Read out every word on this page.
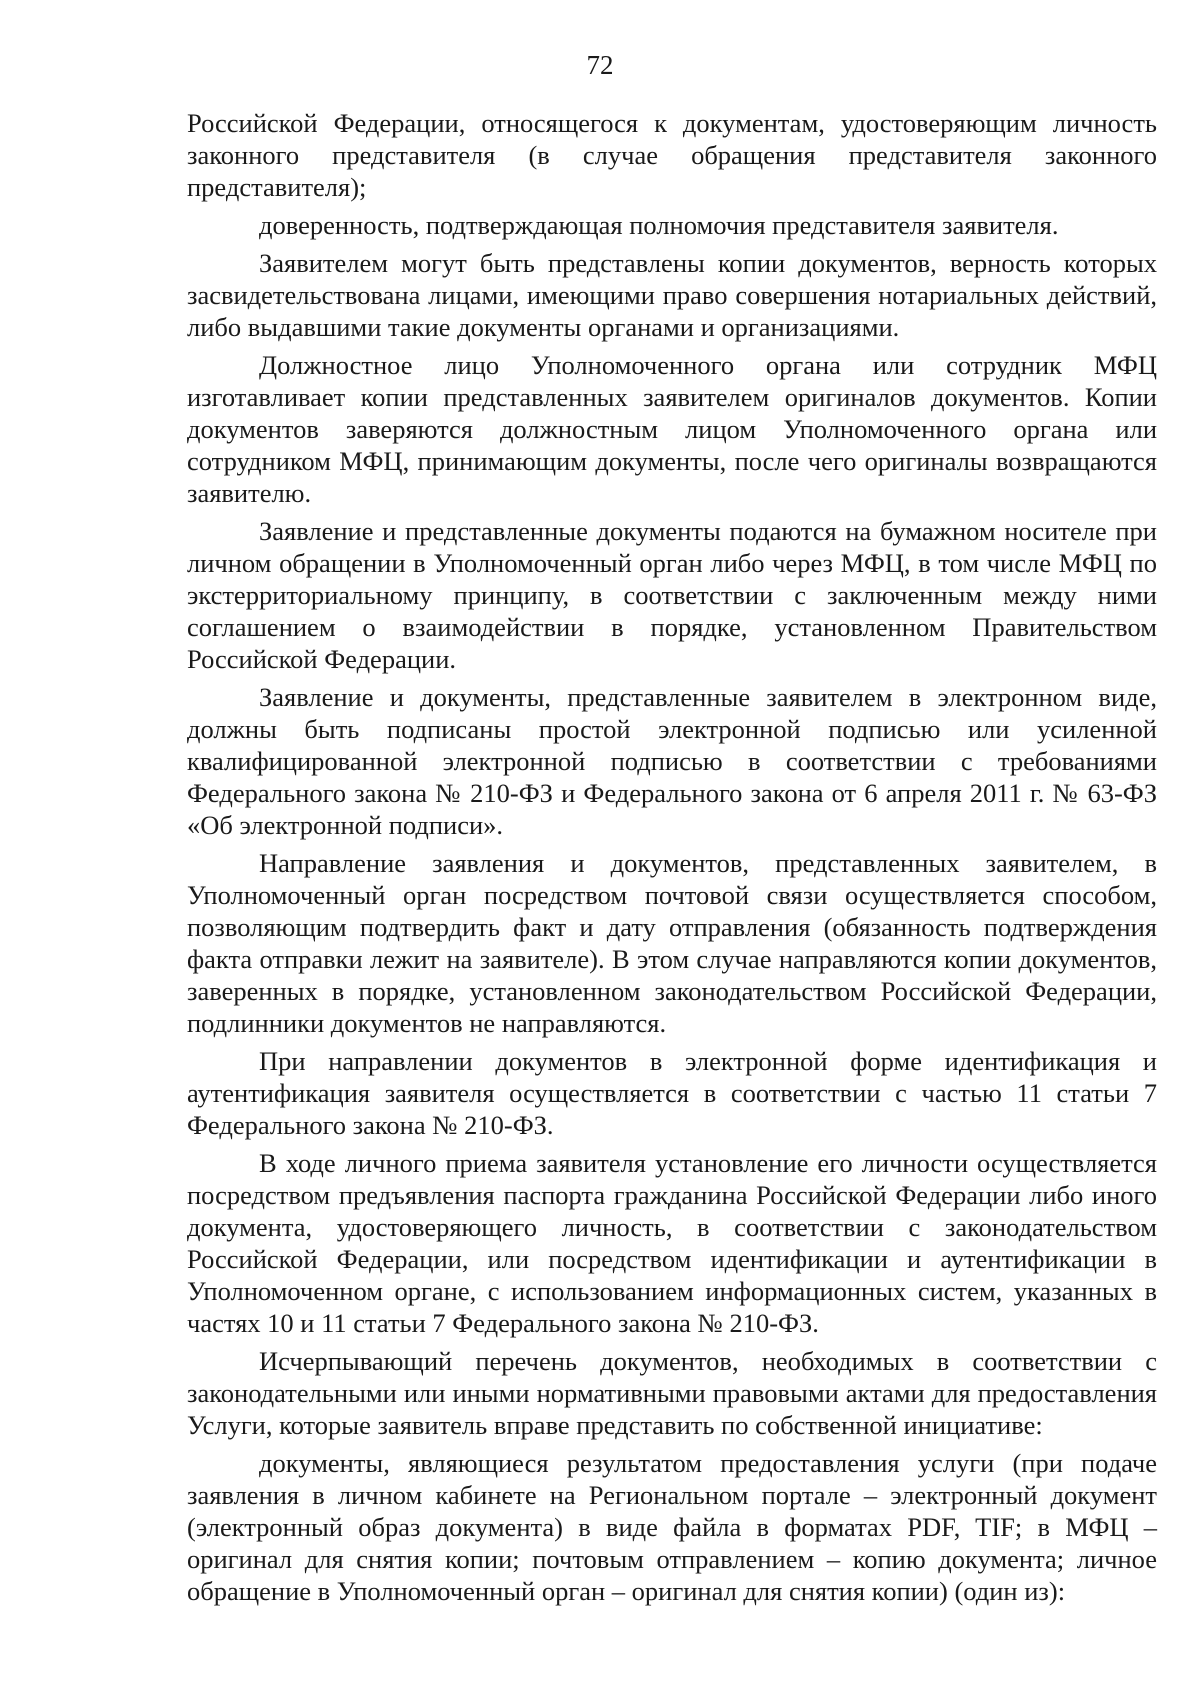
72

Российской Федерации, относящегося к документам, удостоверяющим личность законного представителя (в случае обращения представителя законного представителя);

доверенность, подтверждающая полномочия представителя заявителя.

Заявителем могут быть представлены копии документов, верность которых засвидетельствована лицами, имеющими право совершения нотариальных действий, либо выдавшими такие документы органами и организациями.

Должностное лицо Уполномоченного органа или сотрудник МФЦ изготавливает копии представленных заявителем оригиналов документов. Копии документов заверяются должностным лицом Уполномоченного органа или сотрудником МФЦ, принимающим документы, после чего оригиналы возвращаются заявителю.

Заявление и представленные документы подаются на бумажном носителе при личном обращении в Уполномоченный орган либо через МФЦ, в том числе МФЦ по экстерриториальному принципу, в соответствии с заключенным между ними соглашением о взаимодействии в порядке, установленном Правительством Российской Федерации.

Заявление и документы, представленные заявителем в электронном виде, должны быть подписаны простой электронной подписью или усиленной квалифицированной электронной подписью в соответствии с требованиями Федерального закона № 210-ФЗ и Федерального закона от 6 апреля 2011 г. № 63-ФЗ «Об электронной подписи».

Направление заявления и документов, представленных заявителем, в Уполномоченный орган посредством почтовой связи осуществляется способом, позволяющим подтвердить факт и дату отправления (обязанность подтверждения факта отправки лежит на заявителе). В этом случае направляются копии документов, заверенных в порядке, установленном законодательством Российской Федерации, подлинники документов не направляются.

При направлении документов в электронной форме идентификация и аутентификация заявителя осуществляется в соответствии с частью 11 статьи 7 Федерального закона № 210-ФЗ.

В ходе личного приема заявителя установление его личности осуществляется посредством предъявления паспорта гражданина Российской Федерации либо иного документа, удостоверяющего личность, в соответствии с законодательством Российской Федерации, или посредством идентификации и аутентификации в Уполномоченном органе, с использованием информационных систем, указанных в частях 10 и 11 статьи 7 Федерального закона № 210-ФЗ.

Исчерпывающий перечень документов, необходимых в соответствии с законодательными или иными нормативными правовыми актами для предоставления Услуги, которые заявитель вправе представить по собственной инициативе:

документы, являющиеся результатом предоставления услуги (при подаче заявления в личном кабинете на Региональном портале – электронный документ (электронный образ документа) в виде файла в форматах PDF, TIF; в МФЦ – оригинал для снятия копии; почтовым отправлением – копию документа; личное обращение в Уполномоченный орган – оригинал для снятия копии) (один из):
